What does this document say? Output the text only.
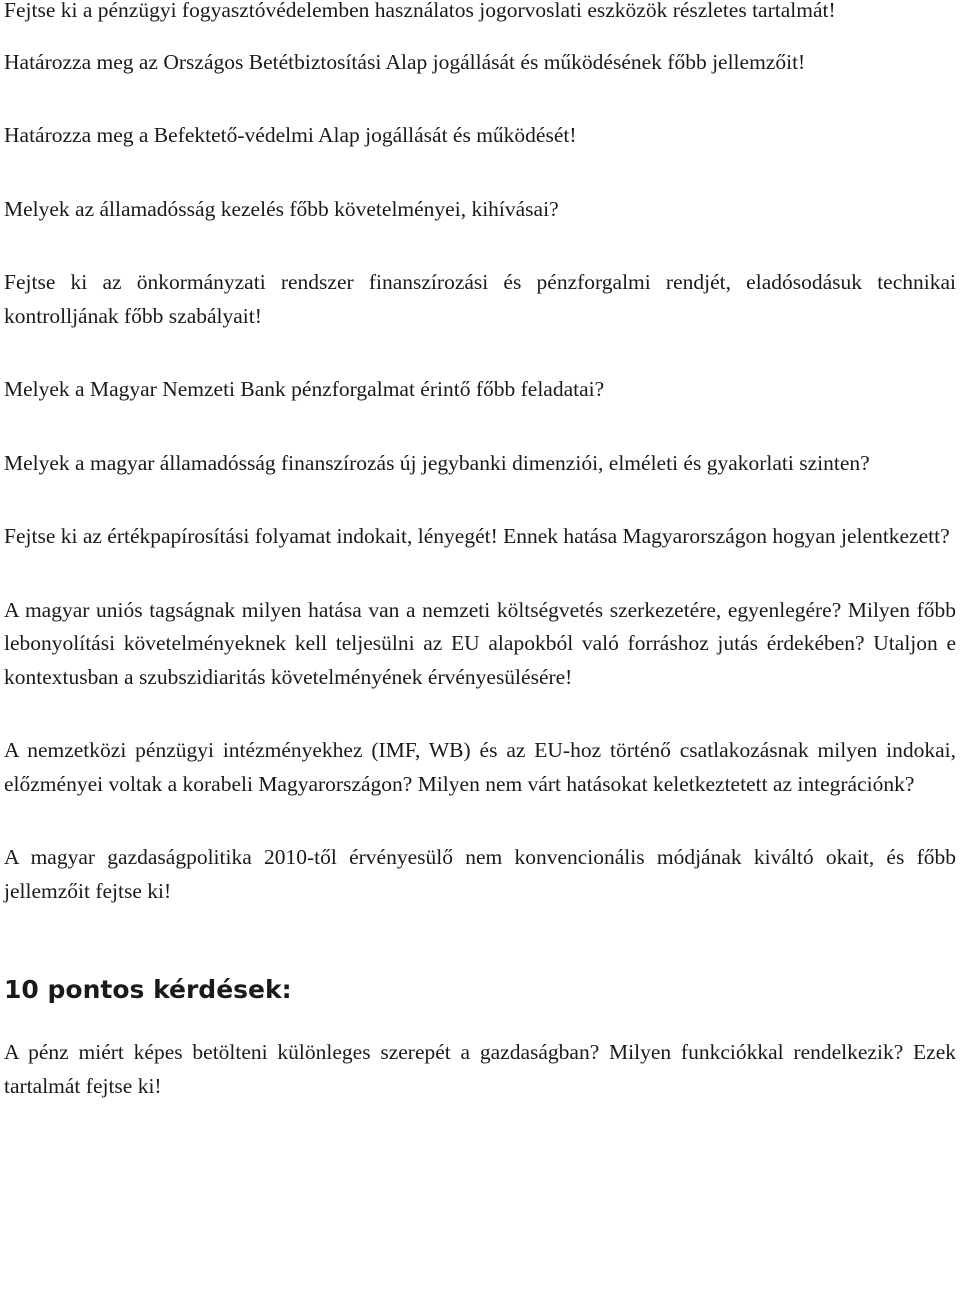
Fejtse ki a pénzügyi fogyasztóvédelemben használatos jogorvoslati eszközök részletes tartalmát!

Határozza meg az Országos Betétbiztosítási Alap jogállását és működésének főbb jellemzőit!

Határozza meg a Befektető-védelmi Alap jogállását és működését!

Melyek az államadósság kezelés főbb követelményei, kihívásai?

Fejtse ki az önkormányzati rendszer finanszírozási és pénzforgalmi rendjét, eladósodásuk technikai kontrolljának főbb szabályait!

Melyek a Magyar Nemzeti Bank pénzforgalmat érintő főbb feladatai?

Melyek a magyar államadósság finanszírozás új jegybanki dimenziói, elméleti és gyakorlati szinten?

Fejtse ki az értékpapírosítási folyamat indokait, lényegét! Ennek hatása Magyarországon hogyan jelentkezett?

A magyar uniós tagságnak milyen hatása van a nemzeti költségvetés szerkezetére, egyenlegére? Milyen főbb lebonyolítási követelményeknek kell teljesülni az EU alapokból való forráshoz jutás érdekében? Utaljon e kontextusban a szubszidiaritás követelményének érvényesülésére!

A nemzetközi pénzügyi intézményekhez (IMF, WB) és az EU-hoz történő csatlakozásnak milyen indokai, előzményei voltak a korabeli Magyarországon? Milyen nem várt hatásokat keletkeztetett az integrációnk?

A magyar gazdaságpolitika 2010-től érvényesülő nem konvencionális módjának kiváltó okait, és főbb jellemzőit fejtse ki!

10 pontos kérdések:

A pénz miért képes betölteni különleges szerepét a gazdaságban? Milyen funkciókkal rendelkezik? Ezek tartalmát fejtse ki!
